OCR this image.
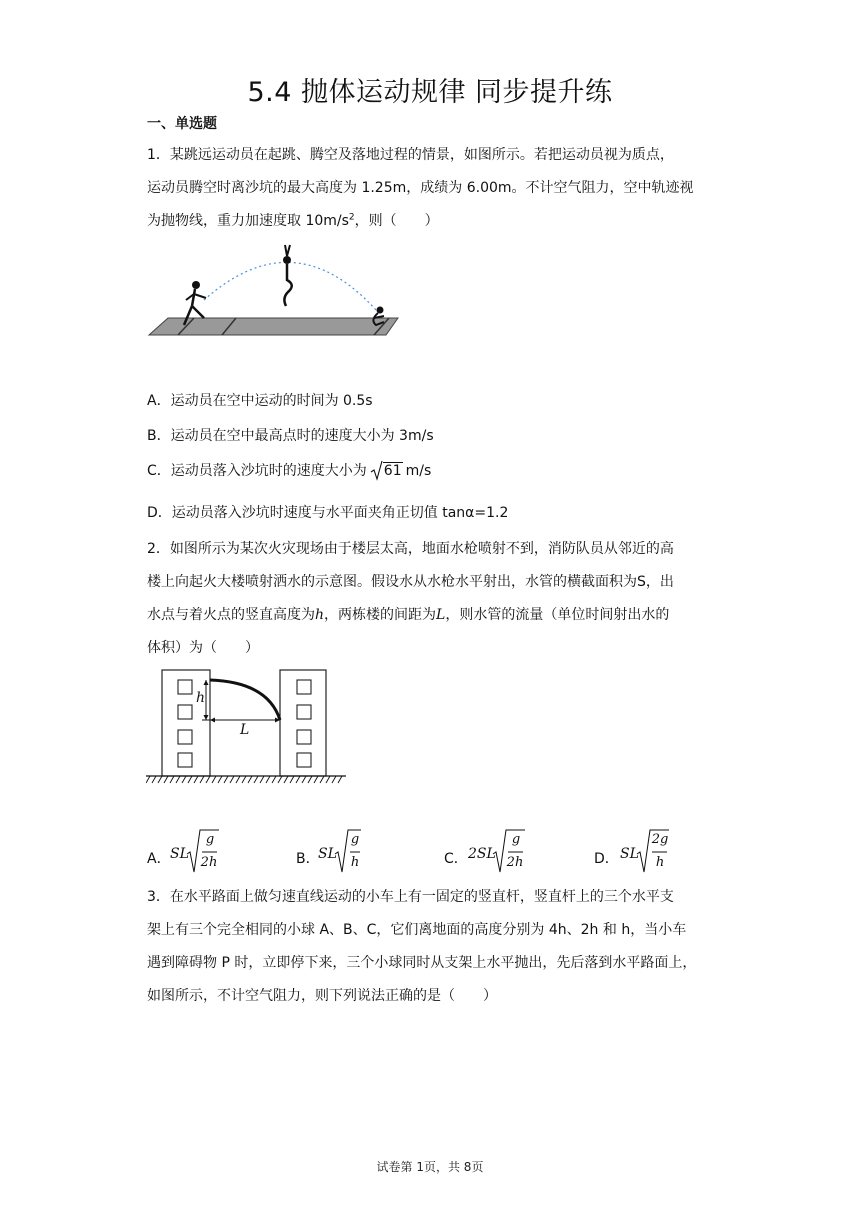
5.4 抛体运动规律 同步提升练
一、单选题
1．某跳远运动员在起跳、腾空及落地过程的情景，如图所示。若把运动员视为质点，
运动员腾空时离沙坑的最大高度为 1.25m，成绩为 6.00m。不计空气阻力，空中轨迹视
为抛物线，重力加速度取 $10m/s^2$，则（　　）
A．运动员在空中运动的时间为 0.5s
B．运动员在空中最高点时的速度大小为 3m/s
C．运动员落入沙坑时的速度大小为 61 m/s
D．运动员落入沙坑时速度与水平面夹角正切值 tanα=1.2
2．如图所示为某次火灾现场由于楼层太高，地面水枪喷射不到，消防队员从邻近的高
楼上向起火大楼喷射洒水的示意图。假设水从水枪水平射出，水管的横截面积为S，出
水点与着火点的竖直高度为h，两栋楼的间距为L，则水管的流量（单位时间射出水的
体积）为（　　）
h
L
A． SL
g
2h	B．
SL
g
h	C． 2SL
g
2h	D． SL
2g
h
3．在水平路面上做匀速直线运动的小车上有一固定的竖直杆，竖直杆上的三个水平支
架上有三个完全相同的小球 A、B、C，它们离地面的高度分别为 4h、2h 和 h，当小车
遇到障碍物 P 时，立即停下来，三个小球同时从支架上水平抛出，先后落到水平路面上，
如图所示，不计空气阻力，则下列说法正确的是（　　）
试卷第 1页，共 8页
